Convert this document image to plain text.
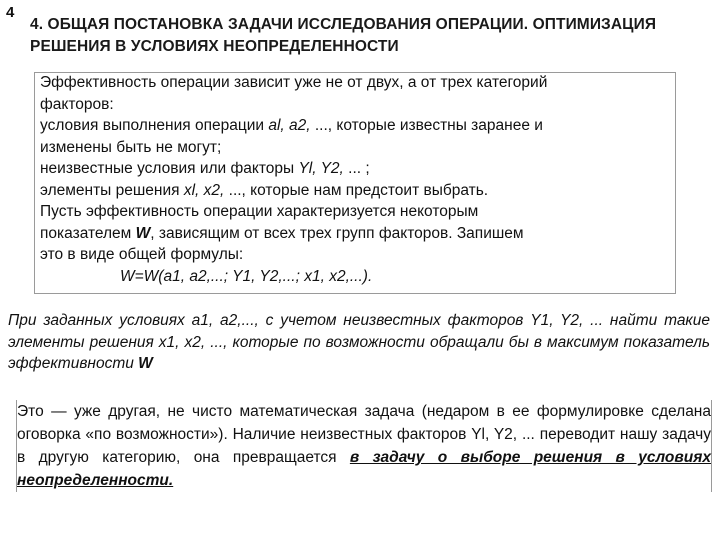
4
4. ОБЩАЯ ПОСТАНОВКА ЗАДАЧИ ИССЛЕДОВАНИЯ ОПЕРАЦИИ. ОПТИМИЗАЦИЯ РЕШЕНИЯ В УСЛОВИЯХ НЕОПРЕДЕЛЕННОСТИ
Эффективность операции зависит уже не от двух, а от трех категорий
факторов:
условия выполнения операции аl, а2, ..., которые известны заранее и
изменены быть не могут;
неизвестные условия или факторы Yl, Y2, ... ;
элементы решения xl, x2, ..., которые нам предстоит выбрать.
Пусть эффективность операции характеризуется некоторым
показателем W, зависящим от всех трех групп факторов. Запишем
это в виде общей формулы:
W=W(a1, a2,...; Y1, Y2,...; x1, x2,...).
При заданных условиях а1, а2,..., с учетом неизвестных факторов Y1, Y2, ... найти такие элементы решения х1, х2, ..., которые по возможности обращали бы в максимум показатель эффективности W
Это — уже другая, не чисто математическая задача (недаром в ее формулировке сделана оговорка «по возможности»). Наличие неизвестных факторов Yl, Y2, ... переводит нашу задачу в другую категорию, она превращается в задачу о выборе решения в условиях неопределенности.
